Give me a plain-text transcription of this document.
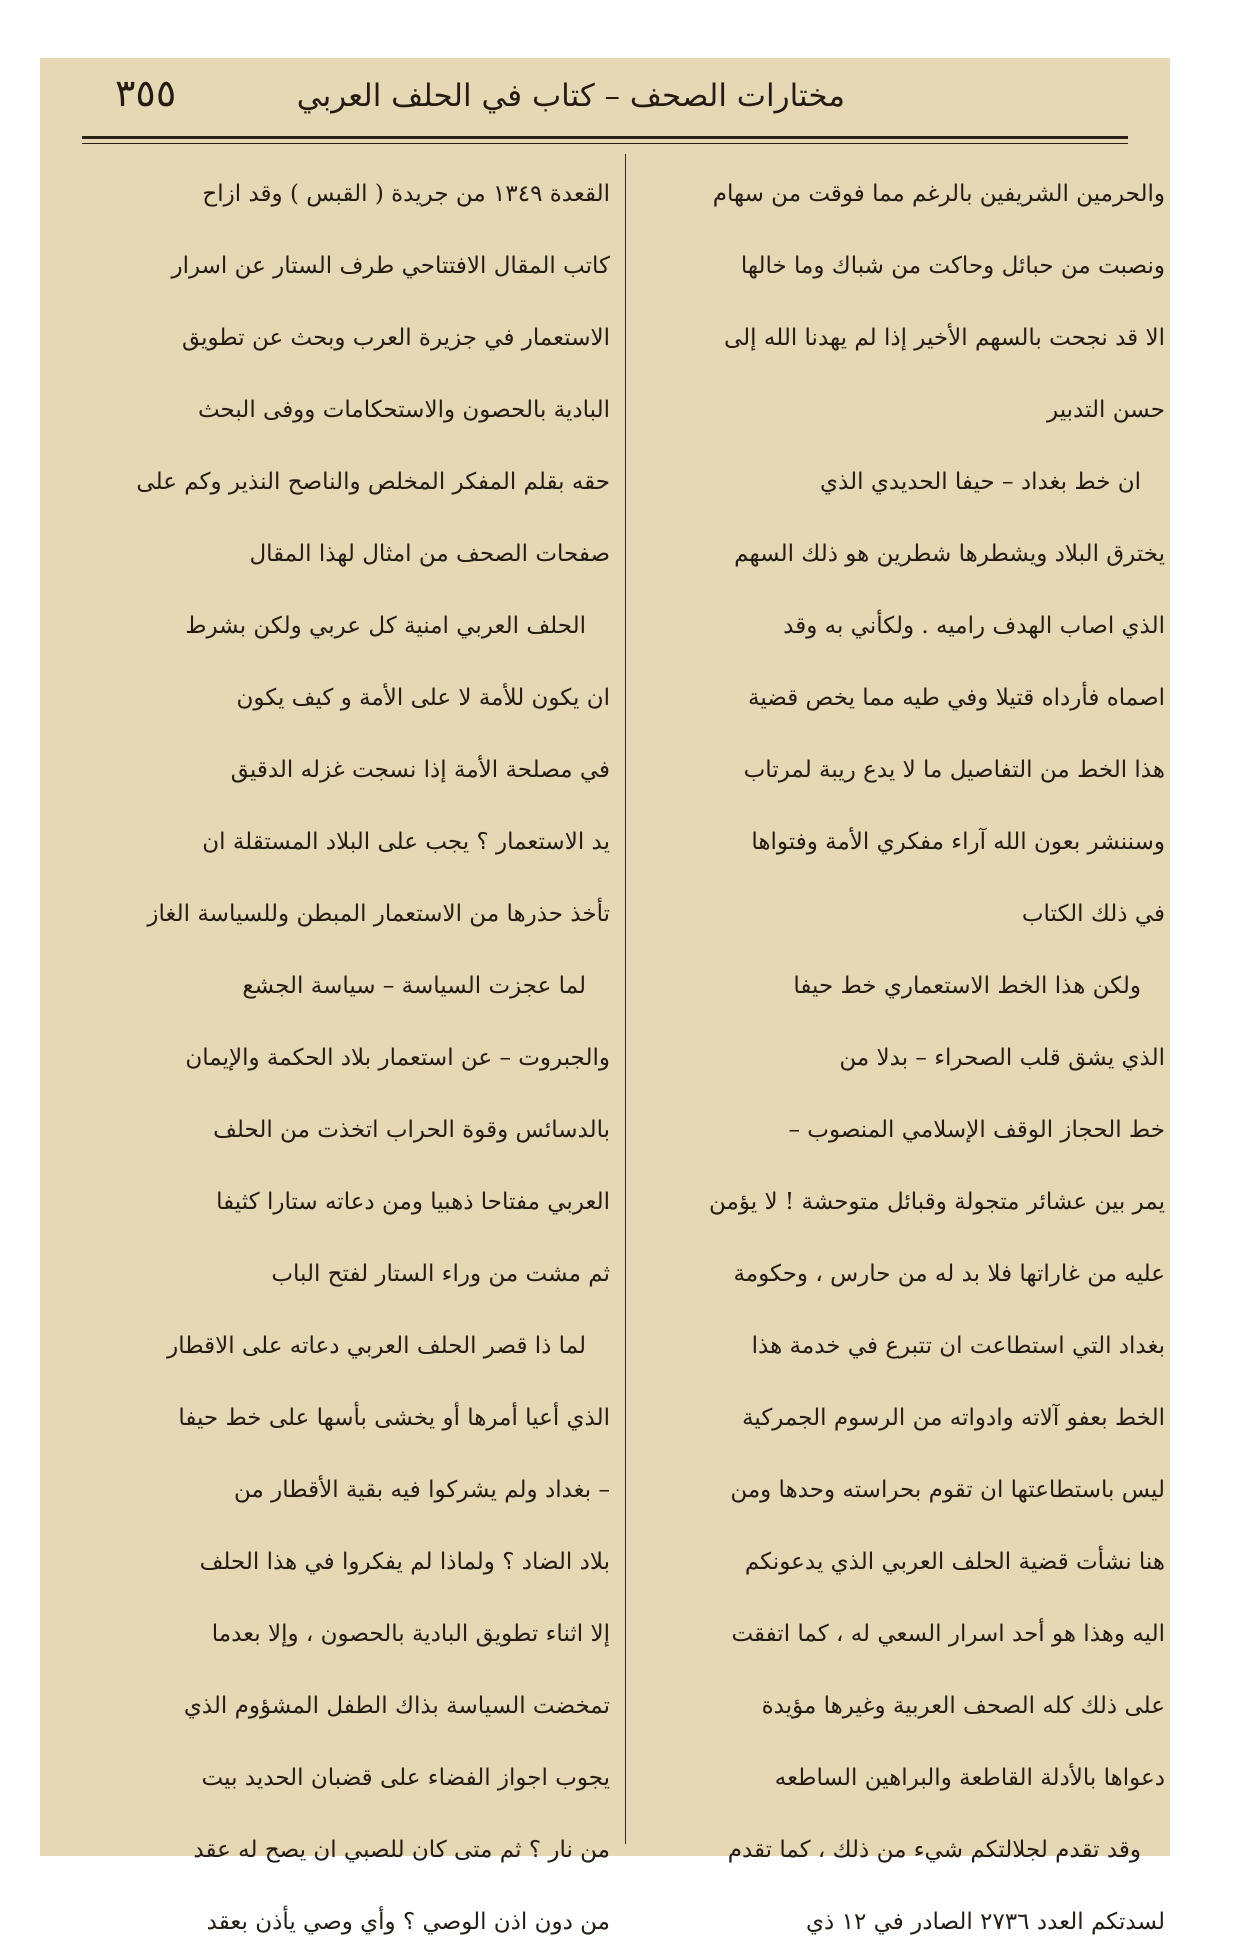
مختارات الصحف – كتاب في الحلف العربي
٣٥٥
والحرمين الشريفين بالرغم مما فوقت من سهام
ونصبت من حبائل وحاكت من شباك وما خالها
الا قد نجحت بالسهم الأخير إذا لم يهدنا الله إلى
حسن التدبير
ان خط بغداد – حيفا الحديدي الذي
يخترق البلاد ويشطرها شطرين هو ذلك السهم
الذي اصاب الهدف راميه . ولكأني به وقد
اصماه فأرداه قتيلا وفي طيه مما يخص قضية
هذا الخط من التفاصيل ما لا يدع ريبة لمرتاب
وسننشر بعون الله آراء مفكري الأمة وفتواها
في ذلك الكتاب
ولكن هذا الخط الاستعماري خط حيفا
الذي يشق قلب الصحراء – بدلا من
خط الحجاز الوقف الإسلامي المنصوب –
يمر بين عشائر متجولة وقبائل متوحشة ! لا يؤمن
عليه من غاراتها فلا بد له من حارس ، وحكومة
بغداد التي استطاعت ان تتبرع في خدمة هذا
الخط بعفو آلاته وادواته من الرسوم الجمركية
ليس باستطاعتها ان تقوم بحراسته وحدها ومن
هنا نشأت قضية الحلف العربي الذي يدعونكم
اليه وهذا هو أحد اسرار السعي له ، كما اتفقت
على ذلك كله الصحف العربية وغيرها مؤيدة
دعواها بالأدلة القاطعة والبراهين الساطعه
وقد تقدم لجلالتكم شيء من ذلك ، كما تقدم
لسدتكم العدد ٢٧٣٦ الصادر في ١٢ ذي
القعدة ١٣٤٩ من جريدة ( القبس ) وقد ازاح
كاتب المقال الافتتاحي طرف الستار عن اسرار
الاستعمار في جزيرة العرب وبحث عن تطويق
البادية بالحصون والاستحكامات ووفى البحث
حقه بقلم المفكر المخلص والناصح النذير وكم على
صفحات الصحف من امثال لهذا المقال
الحلف العربي امنية كل عربي ولكن بشرط
ان يكون للأمة لا على الأمة و كيف يكون
في مصلحة الأمة إذا نسجت غزله الدقيق
يد الاستعمار ؟ يجب على البلاد المستقلة ان
تأخذ حذرها من الاستعمار المبطن وللسياسة الغاز
لما عجزت السياسة – سياسة الجشع
والجبروت – عن استعمار بلاد الحكمة والإيمان
بالدسائس وقوة الحراب اتخذت من الحلف
العربي مفتاحا ذهبيا ومن دعاته ستارا كثيفا
ثم مشت من وراء الستار لفتح الباب
لما ذا قصر الحلف العربي دعاته على الاقطار
الذي أعيا أمرها أو يخشى بأسها على خط حيفا
– بغداد ولم يشركوا فيه بقية الأقطار من
بلاد الضاد ؟ ولماذا لم يفكروا في هذا الحلف
إلا اثناء تطويق البادية بالحصون ، وإلا بعدما
تمخضت السياسة بذاك الطفل المشؤوم الذي
يجوب اجواز الفضاء على قضبان الحديد بيت
من نار ؟ ثم متى كان للصبي ان يصح له عقد
من دون اذن الوصي ؟ وأي وصي يأذن بعقد
